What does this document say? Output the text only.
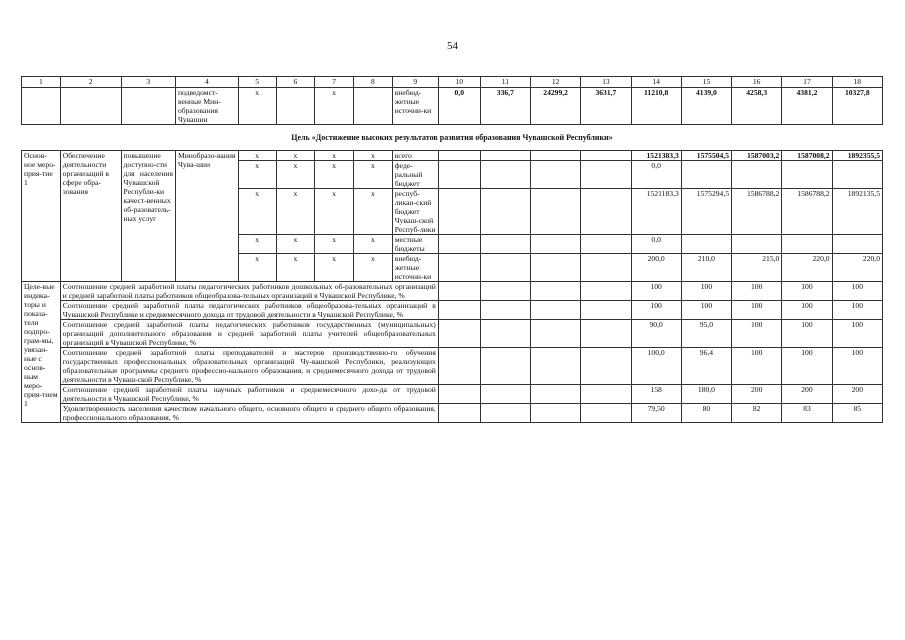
54
1	2	3	4	5	6	7	8	9	10	11	12	13	14	15	16	17	18
			подведомст-венные Мин-образования Чувашии	х		х		внебюд-жетные источни-ки	0,0	336,7	24299,2	3631,7	11210,8	4139,0	4258,3	4381,2	10327,8
Цель «Достижение высоких результатов развития образования Чувашской Республики»																	
Основ-ное меро-прия-тие 1	Обеспечение деятельности организаций в сфере обра-зования	повышение доступно-сти для населения Чувашской Республи-ки качест-венных об-разователь-ных услуг	Минобразо-вания Чува-шии	х	х	х	х	всего					1521383,3	1575504,5	1587003,2	1587008,2	1892355,5
				х	х	х	х	феде-ральный бюджет					0,0				
				х	х	х	х	респуб-ликан-ский бюджет Чуваш-ской Респуб-лики					1521183,3	1575294,5	1586788,2	1586788,2	1892135,5
				х	х	х	х	местные бюджеты					0,0				
				х	х	х	х	внебюд-жетные источни-ки					200,0	210,0	215,0	220,0	220,0
Целе-вые индика-торы и показа-тели подпро-грам-мы, увязан-ные с основ-ным меро-прия-тием 1	Соотношение средней заработной платы педагогических работников дошкольных об-разовательных организаций и средней заработной платы работников общеобразова-тельных организаций в Чувашской Республике, %												100	100	100	100	100
	Соотношение средней заработной платы педагогических работников общеобразова-тельных организаций в Чувашской Республике и среднемесячного дохода от трудовой деятельности в Чувашской Республике, %												100	100	100	100	100
	Соотношение средней заработной платы педагогических работников государственных (муниципальных) организаций дополнительного образования и средней заработной платы учителей общеобразовательных организаций в Чувашской Республике, %												90,0	95,0	100	100	100
	Соотношение средней заработной платы преподавателей и мастеров производственно-го обучения государственных профессиональных образовательных организаций Чу-вашской Республики, реализующих образовательные программы среднего профессио-нального образования, и среднемесячного дохода от трудовой деятельности в Чуваш-ской Республике, %												100,0	96,4	100	100	100
	Соотношение средней заработной платы научных работников и среднемесячного дохо-да от трудовой деятельности в Чувашской Республике, %												158	180,0	200	200	200
	Удовлетворенность населения качеством начального общего, основного общего и среднего общего образования, профессионального образования, %												79,50	80	82	83	85
